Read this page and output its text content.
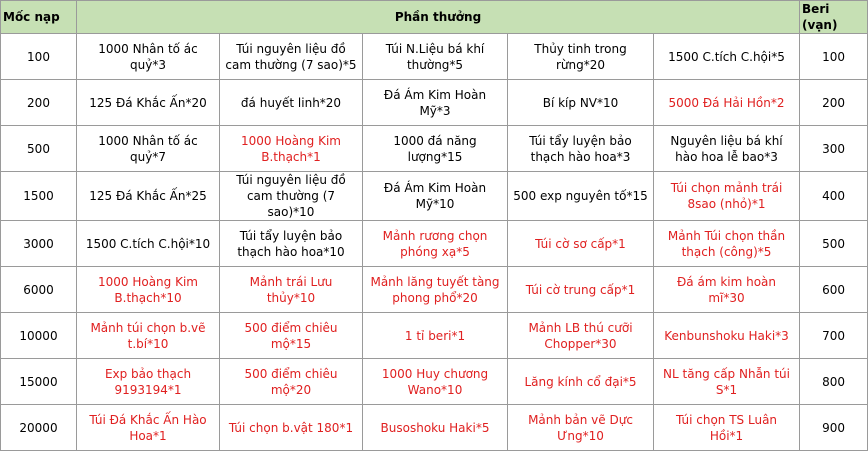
Mốc nạp	Phần thưởng					Beri (vạn)
100	1000 Nhân tố ác quỷ*3	Túi nguyên liệu đồ cam thường (7 sao)*5	Túi N.Liệu bá khí thường*5	Thủy tinh trong rừng*20	1500 C.tích C.hội*5	100
200	125 Đá Khắc Ấn*20	đá huyết linh*20	Đá Ám Kim Hoàn Mỹ*3	Bí kíp NV*10	5000 Đá Hải Hồn*2	200
500	1000 Nhân tố ác quỷ*7	1000 Hoàng Kim B.thạch*1	1000 đá năng lượng*15	Túi tẩy luyện bảo thạch hào hoa*3	Nguyên liệu bá khí hào hoa lễ bao*3	300
1500	125 Đá Khắc Ấn*25	Túi nguyên liệu đồ cam thường (7 sao)*10	Đá Ám Kim Hoàn Mỹ*10	500 exp nguyên tố*15	Túi chọn mảnh trái 8sao (nhỏ)*1	400
3000	1500 C.tích C.hội*10	Túi tẩy luyện bảo thạch hào hoa*10	Mảnh rương chọn phóng xạ*5	Túi cờ sơ cấp*1	Mảnh Túi chọn thần thạch (công)*5	500
6000	1000 Hoàng Kim B.thạch*10	Mảnh trái Lưu thủy*10	Mảnh lăng tuyết tàng phong phổ*20	Túi cờ trung cấp*1	Đá ám kim hoàn mĩ*30	600
10000	Mảnh túi chọn b.vẽ t.bí*10	500 điểm chiêu mộ*15	1 tỉ beri*1	Mảnh LB thú cưỡi Chopper*30	Kenbunshoku Haki*3	700
15000	Exp bảo thạch 9193194*1	500 điểm chiêu mộ*20	1000 Huy chương Wano*10	Lăng kính cổ đại*5	NL tăng cấp Nhẫn túi S*1	800
20000	Túi Đá Khắc Ấn Hào Hoa*1	Túi chọn b.vật 180*1	Busoshoku Haki*5	Mảnh bản vẽ Dực Ưng*10	Túi chọn TS Luân Hồi*1	900
